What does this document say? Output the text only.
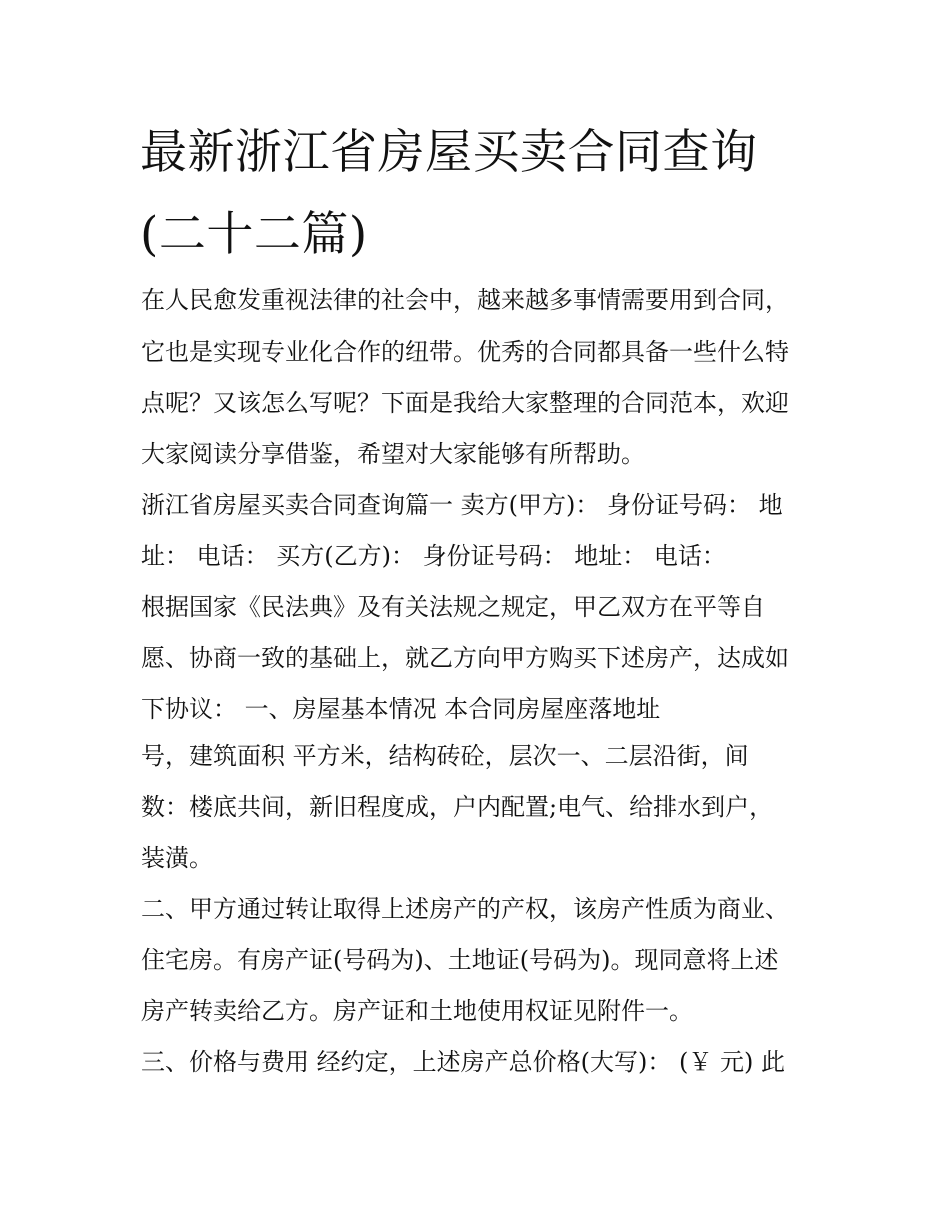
最新浙江省房屋买卖合同查询
(二十二篇)

在人民愈发重视法律的社会中，越来越多事情需要用到合同，

它也是实现专业化合作的纽带。优秀的合同都具备一些什么特

点呢？又该怎么写呢？下面是我给大家整理的合同范本，欢迎

大家阅读分享借鉴，希望对大家能够有所帮助。

浙江省房屋买卖合同查询篇一 卖方(甲方)： 身份证号码： 地

址： 电话： 买方(乙方)： 身份证号码： 地址： 电话：

根据国家《民法典》及有关法规之规定，甲乙双方在平等自

愿、协商一致的基础上，就乙方向甲方购买下述房产，达成如

下协议： 一、房屋基本情况 本合同房屋座落地址

号，建筑面积 平方米，结构砖砼，层次一、二层沿街，间

数：楼底共间，新旧程度成，户内配置;电气、给排水到户，

装潢。

二、甲方通过转让取得上述房产的产权，该房产性质为商业、

住宅房。有房产证(号码为)、土地证(号码为)。现同意将上述

房产转卖给乙方。房产证和土地使用权证见附件一。

三、价格与费用 经约定，上述房产总价格(大写)： (￥ 元) 此
